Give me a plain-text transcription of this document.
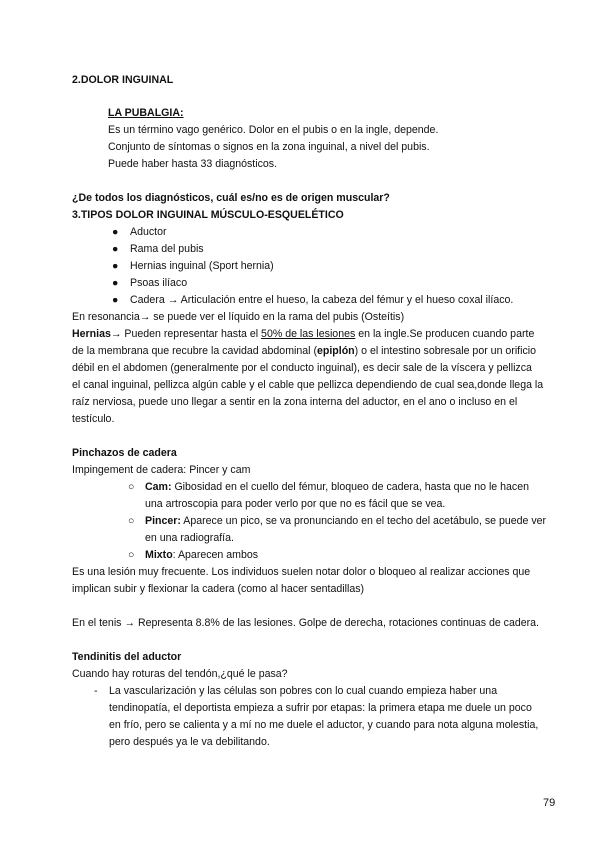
2.DOLOR INGUINAL
LA PUBALGIA:
Es un término vago genérico. Dolor en el pubis o en la ingle, depende.
Conjunto de síntomas o signos en la zona inguinal, a nivel del pubis.
Puede haber hasta 33 diagnósticos.
¿De todos los diagnósticos, cuál es/no es de origen muscular?
3.TIPOS DOLOR INGUINAL MÚSCULO-ESQUELÉTICO
● Aductor
● Rama del pubis
● Hernias inguinal (Sport hernia)
● Psoas ilíaco
● Cadera → Articulación entre el hueso, la cabeza del fémur y el hueso coxal ilíaco.
En resonancia→ se puede ver el líquido en la rama del pubis (Osteítis)
Hernias→ Pueden representar hasta el 50% de las lesiones en la ingle.Se producen cuando parte
de la membrana que recubre la cavidad abdominal (epiplón) o el intestino sobresale por un orificio
débil en el abdomen (generalmente por el conducto inguinal), es decir sale de la víscera y pellizca
el canal inguinal, pellizca algún cable y el cable que pellizca dependiendo de cual sea,donde llega la
raíz nerviosa, puede uno llegar a sentir en la zona interna del aductor, en el ano o incluso en el
testículo.
Pinchazos de cadera
Impingement de cadera: Pincer y cam
○ Cam: Gibosidad en el cuello del fémur, bloqueo de cadera, hasta que no le hacen
una artroscopia para poder verlo por que no es fácil que se vea.
○ Pincer: Aparece un pico, se va pronunciando en el techo del acetábulo, se puede ver
en una radiografía.
○ Mixto: Aparecen ambos
Es una lesión muy frecuente. Los individuos suelen notar dolor o bloqueo al realizar acciones que
implican subir y flexionar la cadera (como al hacer sentadillas)
En el tenis → Representa 8.8% de las lesiones. Golpe de derecha, rotaciones continuas de cadera.
Tendinitis del aductor
Cuando hay roturas del tendón,¿qué le pasa?
- La vascularización y las células son pobres con lo cual cuando empieza haber una
tendinopatía, el deportista empieza a sufrir por etapas: la primera etapa me duele un poco
en frío, pero se calienta y a mí no me duele el aductor, y cuando para nota alguna molestia,
pero después ya le va debilitando.
79
